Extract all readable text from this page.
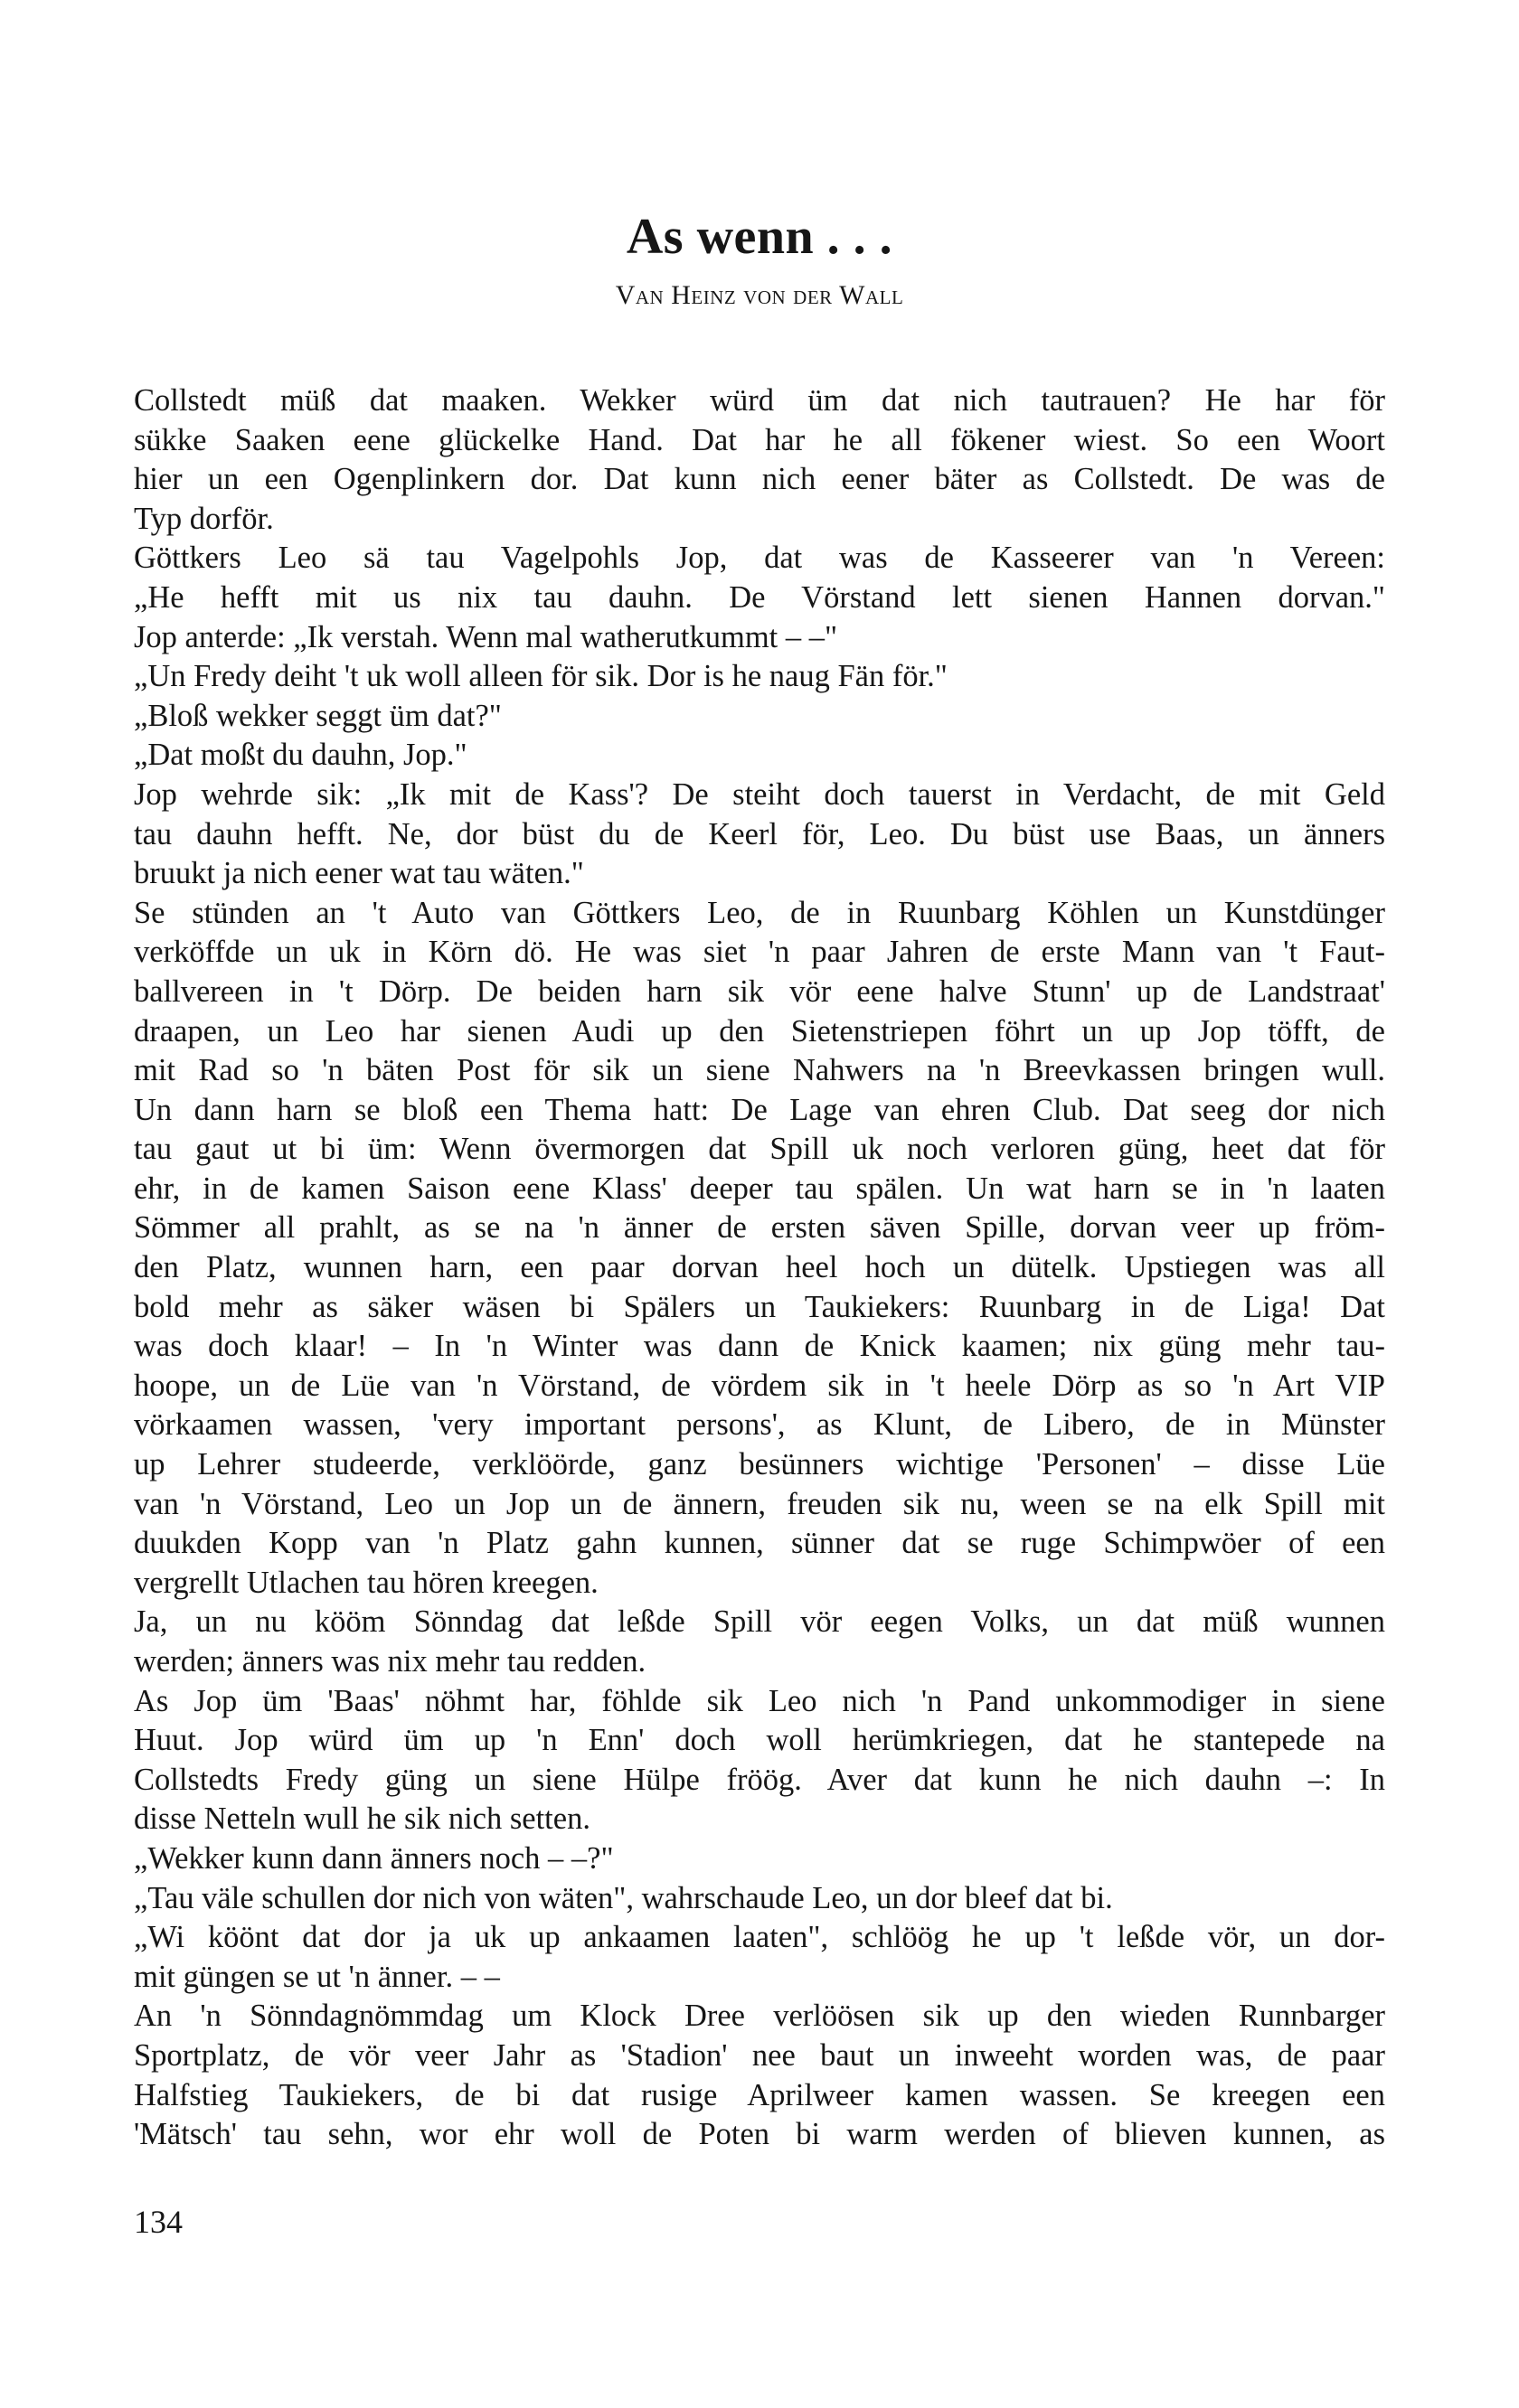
As wenn . . .
Van Heinz von der Wall
Collstedt müß dat maaken. Wekker würd üm dat nich tautrauen? He har för
sükke Saaken eene glückelke Hand. Dat har he all fökener wiest. So een Woort
hier un een Ogenplinkern dor. Dat kunn nich eener bäter as Collstedt. De was de
Typ dorför.
Göttkers Leo sä tau Vagelpohls Jop, dat was de Kasseerer van 'n Vereen:
„He hefft mit us nix tau dauhn. De Vörstand lett sienen Hannen dorvan."
Jop anterde: „Ik verstah. Wenn mal watherutkummt – –"
„Un Fredy deiht 't uk woll alleen för sik. Dor is he naug Fän för."
„Bloß wekker seggt üm dat?"
„Dat moßt du dauhn, Jop."
Jop wehrde sik: „Ik mit de Kass'? De steiht doch tauerst in Verdacht, de mit Geld
tau dauhn hefft. Ne, dor büst du de Keerl för, Leo. Du büst use Baas, un änners
bruukt ja nich eener wat tau wäten."
Se stünden an 't Auto van Göttkers Leo, de in Ruunbarg Köhlen un Kunstdünger
verköffde un uk in Körn dö. He was siet 'n paar Jahren de erste Mann van 't Faut-
ballvereen in 't Dörp. De beiden harn sik vör eene halve Stunn' up de Landstraat'
draapen, un Leo har sienen Audi up den Sietenstriepen föhrt un up Jop töfft, de
mit Rad so 'n bäten Post för sik un siene Nahwers na 'n Breevkassen bringen wull.
Un dann harn se bloß een Thema hatt: De Lage van ehren Club. Dat seeg dor nich
tau gaut ut bi üm: Wenn övermorgen dat Spill uk noch verloren güng, heet dat för
ehr, in de kamen Saison eene Klass' deeper tau spälen. Un wat harn se in 'n laaten
Sömmer all prahlt, as se na 'n änner de ersten säven Spille, dorvan veer up fröm-
den Platz, wunnen harn, een paar dorvan heel hoch un dütelk. Upstiegen was all
bold mehr as säker wäsen bi Spälers un Taukiekers: Ruunbarg in de Liga! Dat
was doch klaar! – In 'n Winter was dann de Knick kaamen; nix güng mehr tau-
hoope, un de Lüe van 'n Vörstand, de vördem sik in 't heele Dörp as so 'n Art VIP
vörkaamen wassen, 'very important persons', as Klunt, de Libero, de in Münster
up Lehrer studeerde, verklöörde, ganz besünners wichtige 'Personen' – disse Lüe
van 'n Vörstand, Leo un Jop un de ännern, freuden sik nu, ween se na elk Spill mit
duukden Kopp van 'n Platz gahn kunnen, sünner dat se ruge Schimpwöer of een
vergrellt Utlachen tau hören kreegen.
Ja, un nu kööm Sönndag dat leßde Spill vör eegen Volks, un dat müß wunnen
werden; änners was nix mehr tau redden.
As Jop üm 'Baas' nöhmt har, föhlde sik Leo nich 'n Pand unkommodiger in siene
Huut. Jop würd üm up 'n Enn' doch woll herümkriegen, dat he stantepede na
Collstedts Fredy güng un siene Hülpe fröög. Aver dat kunn he nich dauhn –: In
disse Netteln wull he sik nich setten.
„Wekker kunn dann änners noch – –?"
„Tau väle schullen dor nich von wäten", wahrschaude Leo, un dor bleef dat bi.
„Wi köönt dat dor ja uk up ankaamen laaten", schlöög he up 't leßde vör, un dor-
mit güngen se ut 'n änner. – –
An 'n Sönndagnömmdag um Klock Dree verlöösen sik up den wieden Runnbarger
Sportplatz, de vör veer Jahr as 'Stadion' nee baut un inweeht worden was, de paar
Halfstieg Taukiekers, de bi dat rusige Aprilweer kamen wassen. Se kreegen een
'Mätsch' tau sehn, wor ehr woll de Poten bi warm werden of blieven kunnen, as
134
